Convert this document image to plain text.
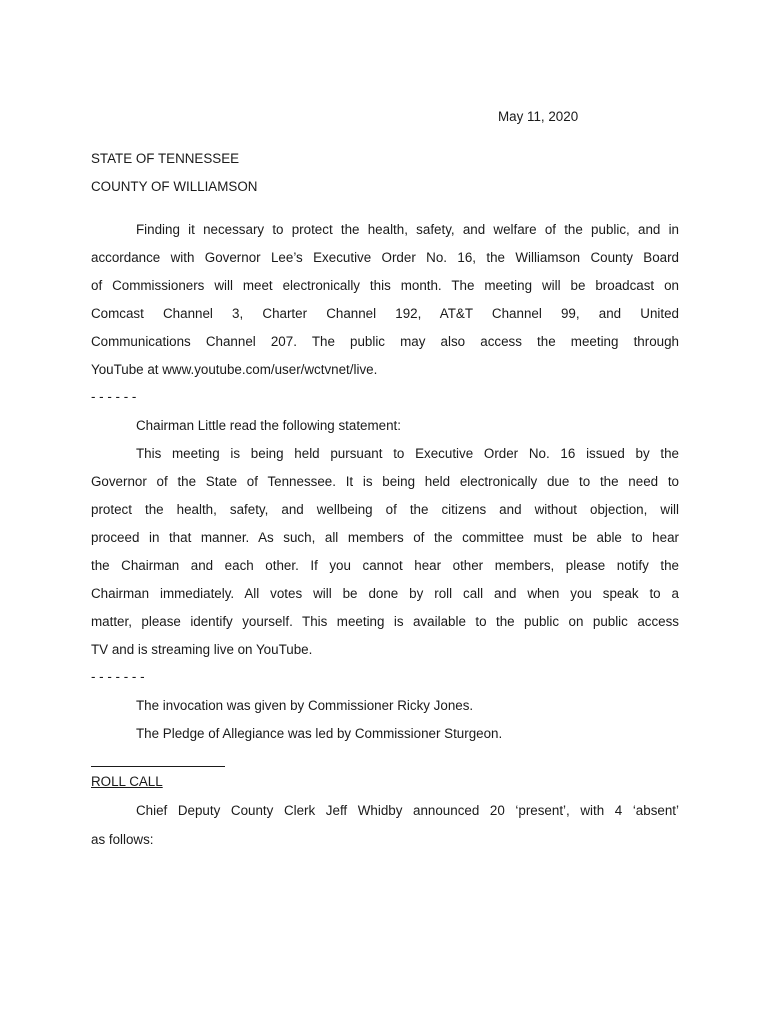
May 11, 2020
STATE OF TENNESSEE
COUNTY OF WILLIAMSON
Finding it necessary to protect the health, safety, and welfare of the public, and in
accordance with Governor Lee’s Executive Order No. 16, the Williamson County Board
of Commissioners will meet electronically this month. The meeting will be broadcast on
Comcast Channel 3, Charter Channel 192, AT&T Channel 99, and United
Communications Channel 207. The public may also access the meeting through
YouTube at www.youtube.com/user/wctvnet/live.
- - - - - -
Chairman Little read the following statement:
This meeting is being held pursuant to Executive Order No. 16 issued by the
Governor of the State of Tennessee. It is being held electronically due to the need to
protect the health, safety, and wellbeing of the citizens and without objection, will
proceed in that manner. As such, all members of the committee must be able to hear
the Chairman and each other. If you cannot hear other members, please notify the
Chairman immediately. All votes will be done by roll call and when you speak to a
matter, please identify yourself. This meeting is available to the public on public access
TV and is streaming live on YouTube.
- - - - - - -
The invocation was given by Commissioner Ricky Jones.
The Pledge of Allegiance was led by Commissioner Sturgeon.
ROLL CALL
Chief Deputy County Clerk Jeff Whidby announced 20 ‘present’, with 4 ‘absent’
as follows:
